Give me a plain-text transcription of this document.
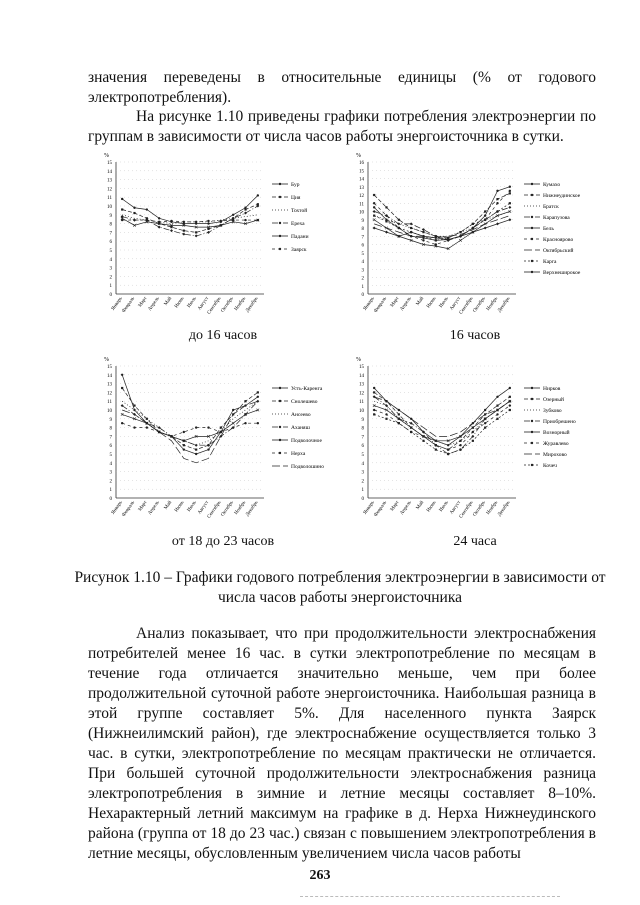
значения переведены в относительные единицы (% от годового электропотребления).

На рисунке 1.10 приведены графики потребления электроэнергии по группам в зависимости от числа часов работы энергоисточника в сутки.

%
0
1
2
3
4
5
6
7
8
9
10
11
12
13
14
15
Январь
Февраль Март Апрель Май Июнь Июль Август
Сентябрь
Октябрь Ноябрь
Декабрь
Бур
Ция
Тохтой
Ереха
Падани
Заярск
%
0
1
2
3
4
5
6
7
8
9
10
11
12
13
14
15
16
Январь
Февраль Март Апрель Май Июнь Июль Август
Сентябрь
Октябрь Ноябрь
Декабрь
Кумахо
Нижнеудинское
Братск
Карапузова
Бель
Красноярово
Октябрьский
Карга
Верхнеширокое
до 16 часов	16 часов
%
0
1
2
3
4
5
6
7
8
9
10
11
12
13
14
15
Январь
Февраль Март Апрель Май Июнь Июль Август
Сентябрь
Октябрь Ноябрь
Декабрь
Усть-Каренга
Снолешево
Ансеево
Аханяш
Подволочное
Нерха
Подволошино
%
0
1
2
3
4
5
6
7
8
9
10
11
12
13
14
15
Январь
Февраль Март Апрель Май Июнь Июль Август
Сентябрь
Октябрь Ноябрь
Декабрь
Нирков
Озерный
Зубково
Приобрешено
Вознорный
Журавлево
Мирохово
Кочеч
от 18 до 23 часов	24 часа
Рисунок 1.10 – Графики годового потребления электроэнергии в зависимости от числа часов работы энергоисточника

Анализ показывает, что при продолжительности электроснабжения потребителей менее 16 час. в сутки электропотребление по месяцам в течение года отличается значительно меньше, чем при более продолжительной суточной работе энергоисточника. Наибольшая разница в этой группе составляет 5%. Для населенного пункта Заярск (Нижнеилимский район), где электроснабжение осуществляется только 3 час. в сутки, электропотребление по месяцам практически не отличается. При большей суточной продолжительности электроснабжения разница электропотребления в зимние и летние месяцы составляет 8–10%. Нехарактерный летний максимум на графике в д. Нерха Нижнеудинского района (группа от 18 до 23 час.) связан с повышением электропотребления в летние месяцы, обусловленным увеличением числа часов работы

263
